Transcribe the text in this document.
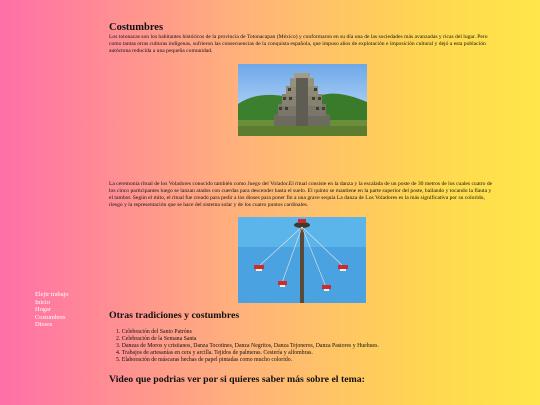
Costumbres

Los totonacas son los habitantes históricos de la provincia de Totonacapan (México) y conformaron en su día una de las sociedades más avanzadas y ricas del lugar. Pero como tantas otras culturas indígenas, sufrieron las consecuencias de la conquista española, que impuso años de explotación e imposición cultural y dejó a esta población autóctona reducida a una pequeña comunidad.

La ceremonia ritual de los Voladores conocido también como Juego del Volador.El ritual consiste en la danza y la escalada de un poste de 30 metros de los cuales cuatro de los cinco participantes luego se lanzan atados con cuerdas para descender hasta el suelo. El quinto se mantiene en la parte superior del poste, bailando y tocando la flauta y el tambor. Según el mito, el ritual fue creado para pedir a los dioses para poner fin a una grave sequía La danza de Los Voladores es la más significativa por su colorido, riesgo y la representación que se hace del sistema solar y de los cuatro puntos cardinales.

Otras tradiciones y costumbres
1. Celebración del Santo Patróns
2. Celebración de la Semana Santa
3. Danzas de Moros y cristianos, Danza Tocotines, Danza Negritos, Danza Tejoneros, Danza Pastores y Huehues.
4. Trabajos de artesanías en cera y arcilla. Tejidos de palmeras. Cestería y alfombras.
5. Elaboración de máscaras hechas de papel pintadas como mucho colorido.
Video que podrias ver por si quieres saber más sobre el tema:
Elejir trabajo
Inicio
Hogar
Costumbres
Dioses
